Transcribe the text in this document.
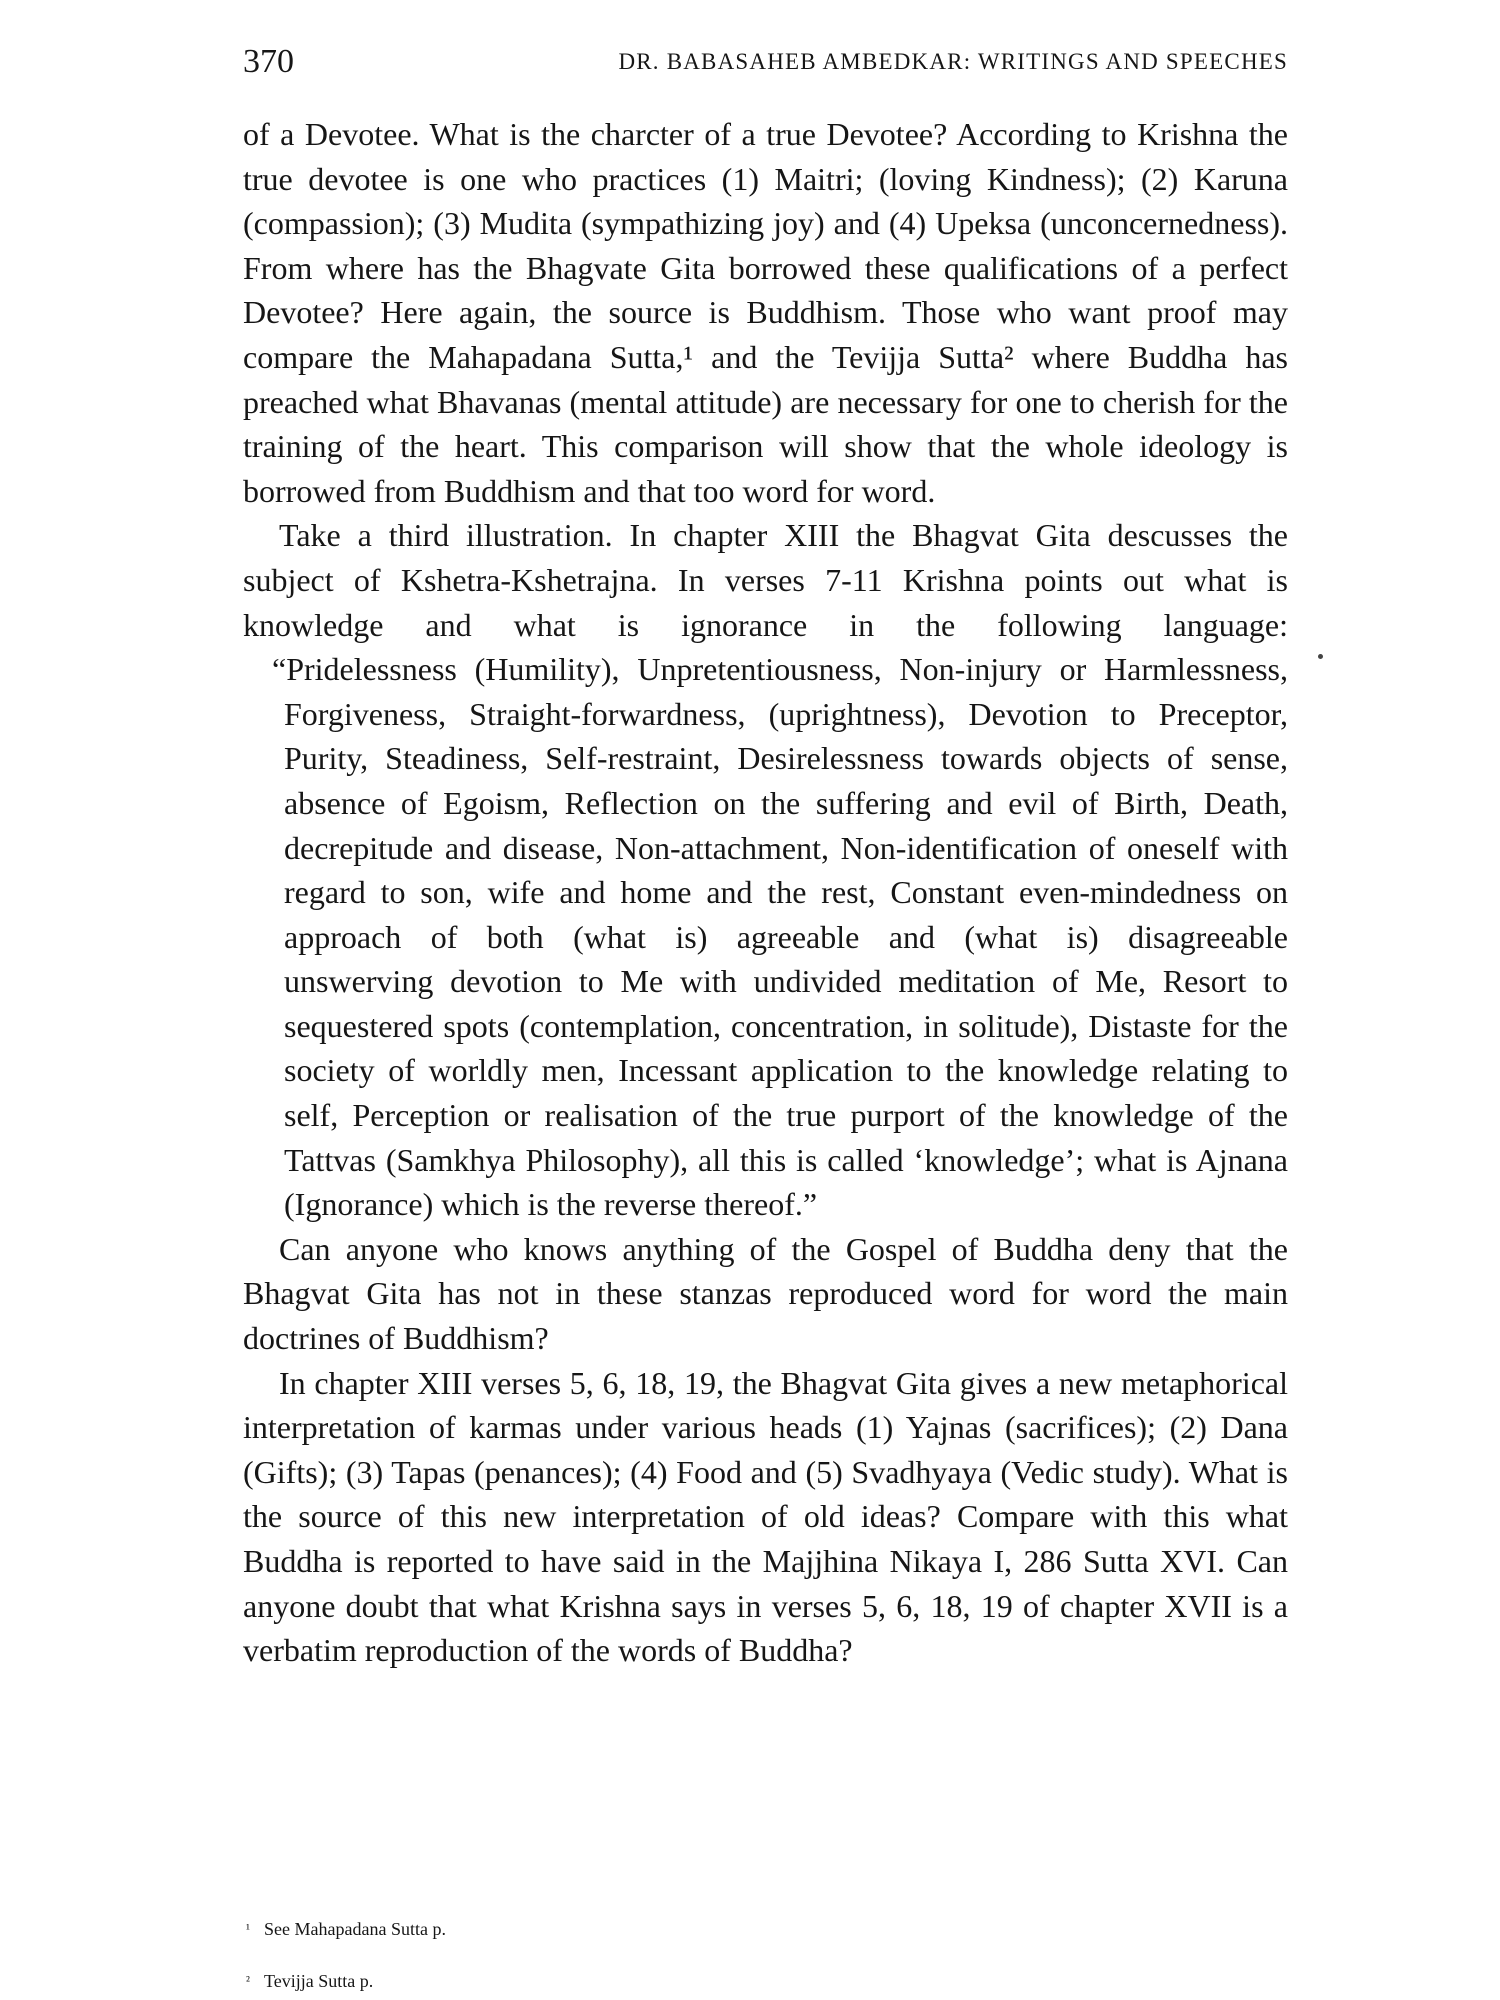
370	DR. BABASAHEB AMBEDKAR: WRITINGS AND SPEECHES

of a Devotee. What is the charcter of a true Devotee? According to Krishna the true devotee is one who practices (1) Maitri; (loving Kindness); (2) Karuna (compassion); (3) Mudita (sympathizing joy) and (4) Upeksa (unconcernedness). From where has the Bhagvate Gita borrowed these qualifications of a perfect Devotee? Here again, the source is Buddhism. Those who want proof may compare the Mahapadana Sutta,¹ and the Tevijja Sutta² where Buddha has preached what Bhavanas (mental attitude) are necessary for one to cherish for the training of the heart. This comparison will show that the whole ideology is borrowed from Buddhism and that too word for word.

Take a third illustration. In chapter XIII the Bhagvat Gita descusses the subject of Kshetra-Kshetrajna. In verses 7-11 Krishna points out what is knowledge and what is ignorance in the following language:

“Pridelessness (Humility), Unpretentiousness, Non-injury or Harmlessness, Forgiveness, Straight-forwardness, (uprightness), Devotion to Preceptor, Purity, Steadiness, Self-restraint, Desirelessness towards objects of sense, absence of Egoism, Reflection on the suffering and evil of Birth, Death, decrepitude and disease, Non-attachment, Non-identification of oneself with regard to son, wife and home and the rest, Constant even-mindedness on approach of both (what is) agreeable and (what is) disagreeable

unswerving devotion to Me with undivided meditation of Me, Resort to sequestered spots (contemplation, concentration, in solitude), Distaste for the society of worldly men, Incessant application to the knowledge relating to self, Perception or realisation of the true purport of the knowledge of the Tattvas (Samkhya Philosophy), all this is called ‘knowledge’; what is Ajnana (Ignorance) which is the reverse thereof.”

Can anyone who knows anything of the Gospel of Buddha deny that the Bhagvat Gita has not in these stanzas reproduced word for word the main doctrines of Buddhism?

In chapter XIII verses 5, 6, 18, 19, the Bhagvat Gita gives a new metaphorical interpretation of karmas under various heads (1) Yajnas (sacrifices); (2) Dana (Gifts); (3) Tapas (penances); (4) Food and (5) Svadhyaya (Vedic study). What is the source of this new interpretation of old ideas? Compare with this what Buddha is reported to have said in the Majjhina Nikaya I, 286 Sutta XVI. Can anyone doubt that what Krishna says in verses 5, 6, 18, 19 of chapter XVII is a verbatim reproduction of the words of Buddha?

¹ See Mahapadana Sutta p.
² Tevijja Sutta p.
